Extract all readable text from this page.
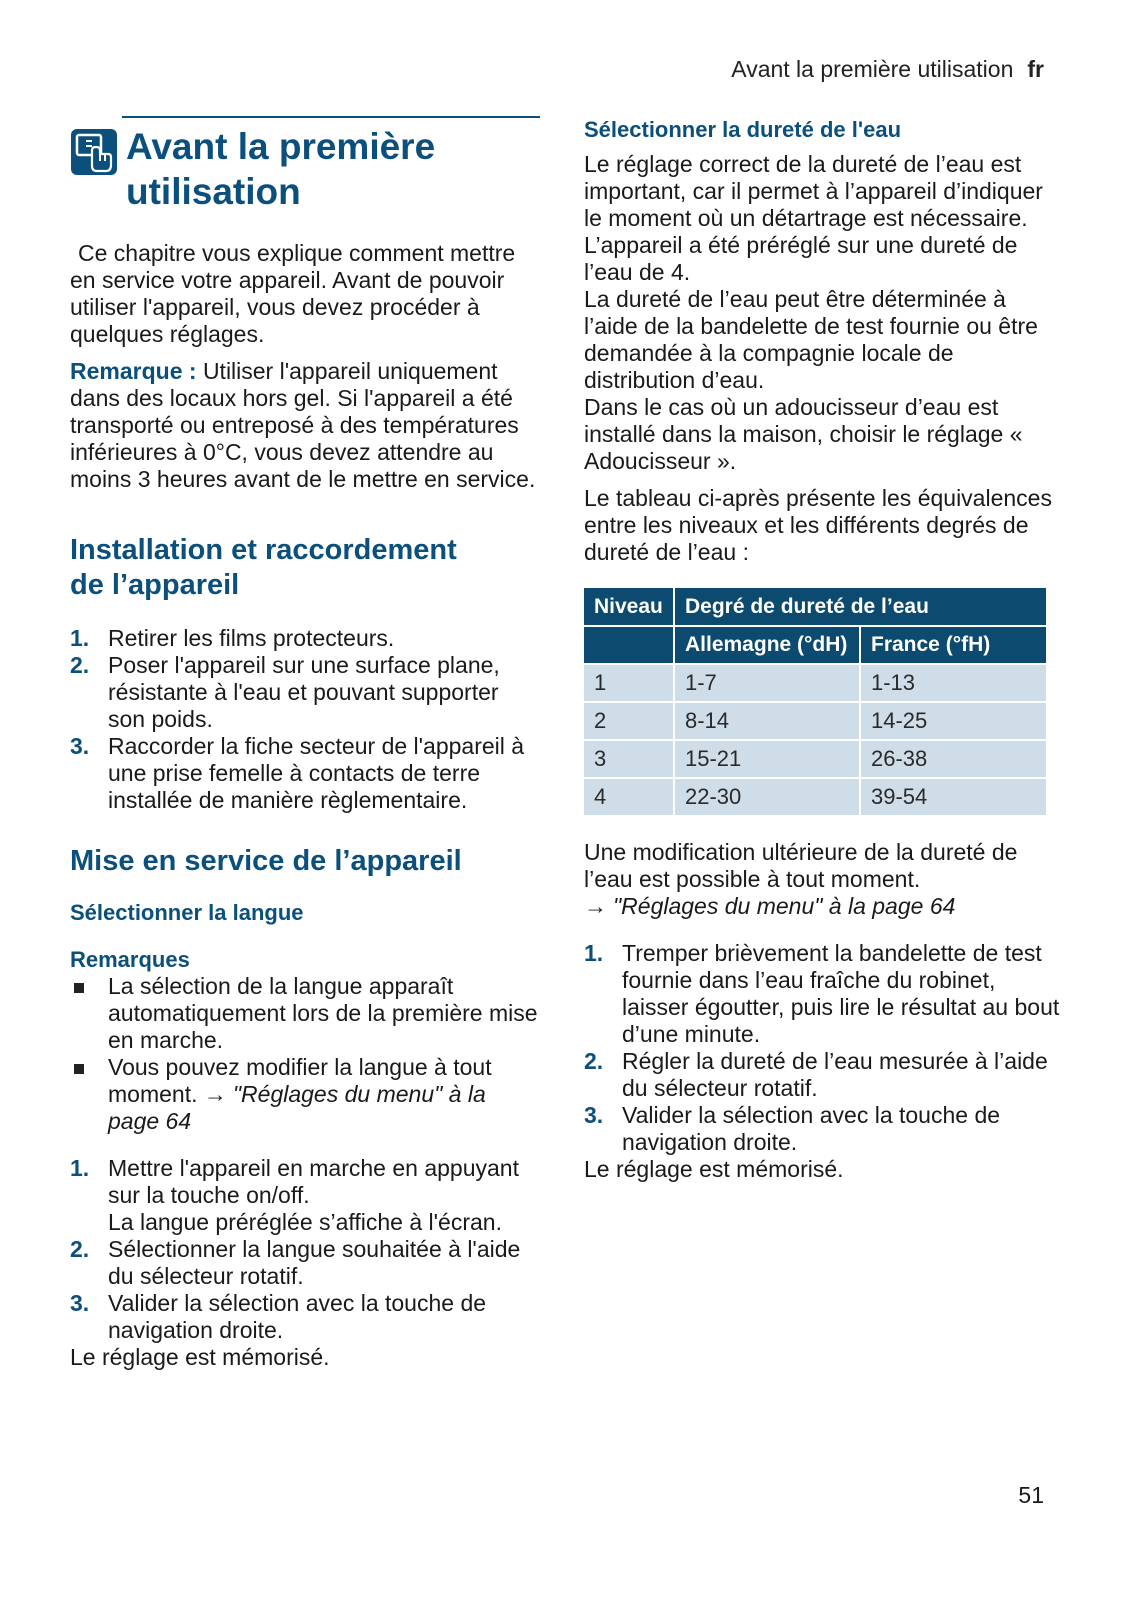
Avant la première utilisation fr
Avant la première
utilisation

Ce chapitre vous explique comment mettre en service votre appareil. Avant de pouvoir utiliser l'appareil, vous devez procéder à quelques réglages.

Remarque : Utiliser l'appareil uniquement dans des locaux hors gel. Si l'appareil a été transporté ou entreposé à des températures inférieures à 0°C, vous devez attendre au moins 3 heures avant de le mettre en service.

Installation et raccordement
de l’appareil
1. Retirer les films protecteurs.
2. Poser l'appareil sur une surface plane, résistante à l'eau et pouvant supporter son poids.
3. Raccorder la fiche secteur de l'appareil à une prise femelle à contacts de terre installée de manière règlementaire.
Mise en service de l’appareil
Sélectionner la langue
Remarques
La sélection de la langue apparaît automatiquement lors de la première mise en marche.
Vous pouvez modifier la langue à tout moment. → "Réglages du menu" à la page 64
1. Mettre l'appareil en marche en appuyant sur la touche on/off.
La langue préréglée s’affiche à l'écran.
2. Sélectionner la langue souhaitée à l'aide du sélecteur rotatif.
3. Valider la sélection avec la touche de navigation droite.

Le réglage est mémorisé.

Sélectionner la dureté de l'eau

Le réglage correct de la dureté de l’eau est important, car il permet à l’appareil d’indiquer le moment où un détartrage est nécessaire. L’appareil a été préréglé sur une dureté de l’eau de 4.

La dureté de l’eau peut être déterminée à l’aide de la bandelette de test fournie ou être demandée à la compagnie locale de distribution d’eau.

Dans le cas où un adoucisseur d’eau est installé dans la maison, choisir le réglage « Adoucisseur ».

Le tableau ci-après présente les équivalences entre les niveaux et les différents degrés de dureté de l’eau :

Niveau	Degré de dureté de l’eau	
	Allemagne (°dH)	France (°fH)
1	1-7	1-13
2	8-14	14-25
3	15-21	26-38
4	22-30	39-54

Une modification ultérieure de la dureté de l’eau est possible à tout moment.
→ "Réglages du menu" à la page 64

1. Tremper brièvement la bandelette de test fournie dans l’eau fraîche du robinet, laisser égoutter, puis lire le résultat au bout d’une minute.
2. Régler la dureté de l’eau mesurée à l’aide du sélecteur rotatif.
3. Valider la sélection avec la touche de navigation droite.

Le réglage est mémorisé.

51
